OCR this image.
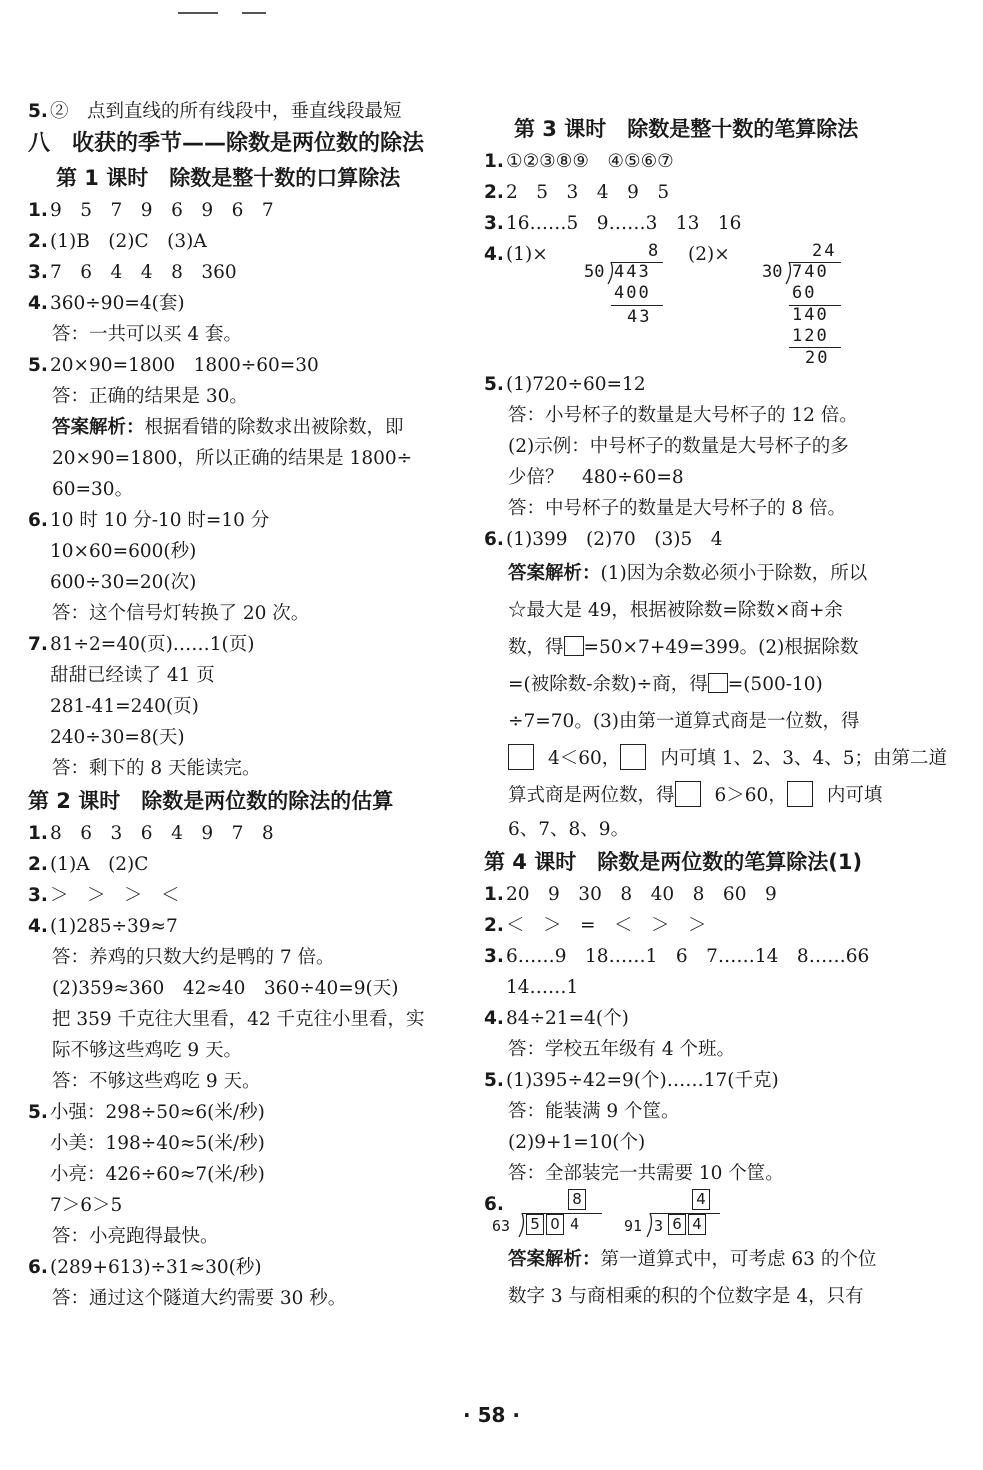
5. ②　点到直线的所有线段中，垂直线段最短
八　收获的季节——除数是两位数的除法
第 1 课时　除数是整十数的口算除法
1. 9　5　7　9　6　9　6　7
2. (1)B　(2)C　(3)A
3. 7　6　4　4　8　360
4. 360÷90=4(套)
答：一共可以买 4 套。
5. 20×90=1800　1800÷60=30
答：正确的结果是 30。
答案解析：根据看错的除数求出被除数，即
20×90=1800，所以正确的结果是 1800÷
60=30。
6. 10 时 10 分-10 时=10 分
10×60=600(秒)
600÷30=20(次)
答：这个信号灯转换了 20 次。
7. 81÷2=40(页)……1(页)
甜甜已经读了 41 页
281-41=240(页)
240÷30=8(天)
答：剩下的 8 天能读完。
第 2 课时　除数是两位数的除法的估算
1. 8　6　3　6　4　9　7　8
2. (1)A　(2)C
3. ＞　＞　＞　＜
4. (1)285÷39≈7
答：养鸡的只数大约是鸭的 7 倍。
(2)359≈360　42≈40　360÷40=9(天)
把 359 千克往大里看，42 千克往小里看，实
际不够这些鸡吃 9 天。
答：不够这些鸡吃 9 天。
5. 小强：298÷50≈6(米/秒)
小美：198÷40≈5(米/秒)
小亮：426÷60≈7(米/秒)
7＞6＞5
答：小亮跑得最快。
6. (289+613)÷31≈30(秒)
答：通过这个隧道大约需要 30 秒。
第 3 课时　除数是整十数的笔算除法
1. ①②③⑧⑨　④⑤⑥⑦
2. 2　5　3　4　9　5
3. 16……5　9……3　13　16
4. (1)×	(2)×
8
50 443
400
43
24
30 740
60
140
120
20
5. (1)720÷60=12
答：小号杯子的数量是大号杯子的 12 倍。
(2)示例：中号杯子的数量是大号杯子的多
少倍？　480÷60=8
答：中号杯子的数量是大号杯子的 8 倍。
6. (1)399　(2)70　(3)5　4
答案解析：(1)因为余数必须小于除数，所以
☆最大是 49，根据被除数=除数×商+余
数，得 =50×7+49=399。(2)根据除数
=(被除数-余数)÷商，得 =(500-10)
÷7=70。(3)由第一道算式商是一位数，得
4＜60， 内可填 1、2、3、4、5；由第二道
算式商是两位数，得 6＞60， 内可填
6、7、8、9。
第 4 课时　除数是两位数的笔算除法(1)
1. 20　9　30　8　40　8　60　9
2. ＜　＞　=　＜　＞　＞
3. 6……9　18……1　6　7……14　8……66
14……1
4. 84÷21=4(个)
答：学校五年级有 4 个班。
5. (1)395÷42=9(个)……17(千克)
答：能装满 9 个筐。
(2)9+1=10(个)
答：全部装完一共需要 10 个筐。
6.	8
63 5 0 4
4
91 3 6 4
答案解析：第一道算式中，可考虑 63 的个位
数字 3 与商相乘的积的个位数字是 4，只有
· 58 ·
